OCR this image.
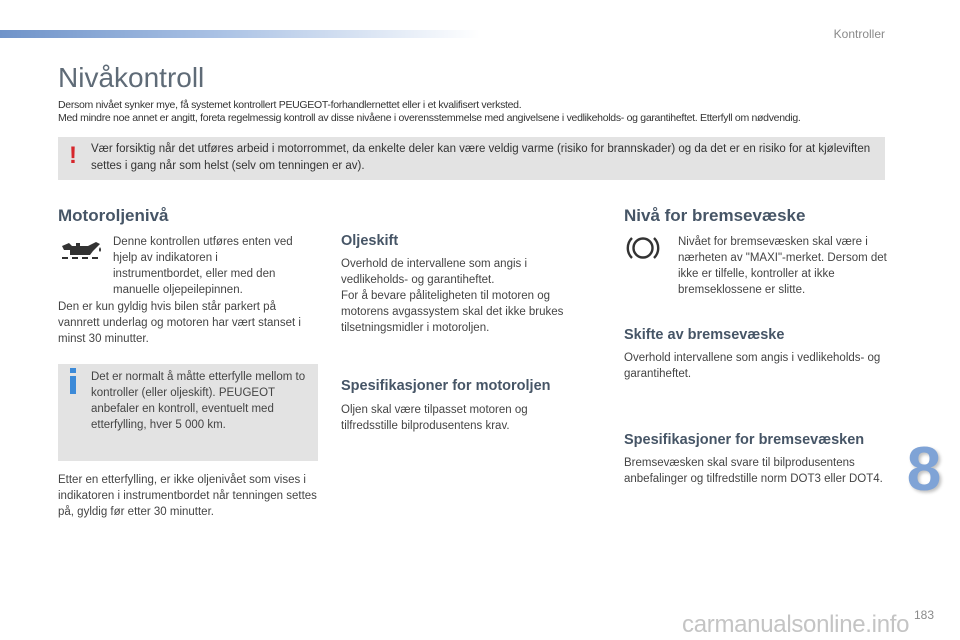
Kontroller
Nivåkontroll

Dersom nivået synker mye, få systemet kontrollert PEUGEOT-forhandlernettet eller i et kvalifisert verksted.

Med mindre noe annet er angitt, foreta regelmessig kontroll av disse nivåene i overensstemmelse med angivelsene i vedlikeholds- og garantiheftet. Etterfyll om nødvendig.

! Vær forsiktig når det utføres arbeid i motorrommet, da enkelte deler kan være veldig varme (risiko for brannskader) og da det er en risiko for at kjøleviften settes i gang når som helst (selv om tenningen er av).
Motoroljenivå
Denne kontrollen utføres enten ved hjelp av indikatoren i instrumentbordet, eller med den manuelle oljepeilepinnen.
Den er kun gyldig hvis bilen står parkert på vannrett underlag og motoren har vært stanset i minst 30 minutter.
Det er normalt å måtte etterfylle mellom to kontroller (eller oljeskift). PEUGEOT anbefaler en kontroll, eventuelt med etterfylling, hver 5 000 km.
Etter en etterfylling, er ikke oljenivået som vises i indikatoren i instrumentbordet når tenningen settes på, gyldig før etter 30 minutter.
Oljeskift
Overhold de intervallene som angis i vedlikeholds- og garantiheftet.
For å bevare påliteligheten til motoren og motorens avgassystem skal det ikke brukes tilsetningsmidler i motoroljen.
Spesifikasjoner for motoroljen
Oljen skal være tilpasset motoren og tilfredsstille bilprodusentens krav.
Nivå for bremsevæske
Nivået for bremsevæsken skal være i nærheten av "MAXI"-merket. Dersom det ikke er tilfelle, kontroller at ikke bremseklossene er slitte.
Skifte av bremsevæske
Overhold intervallene som angis i vedlikeholds- og garantiheftet.
Spesifikasjoner for bremsevæsken
Bremsevæsken skal svare til bilprodusentens anbefalinger og tilfredstille norm DOT3 eller DOT4. 8
carmanualsonline.info 183
